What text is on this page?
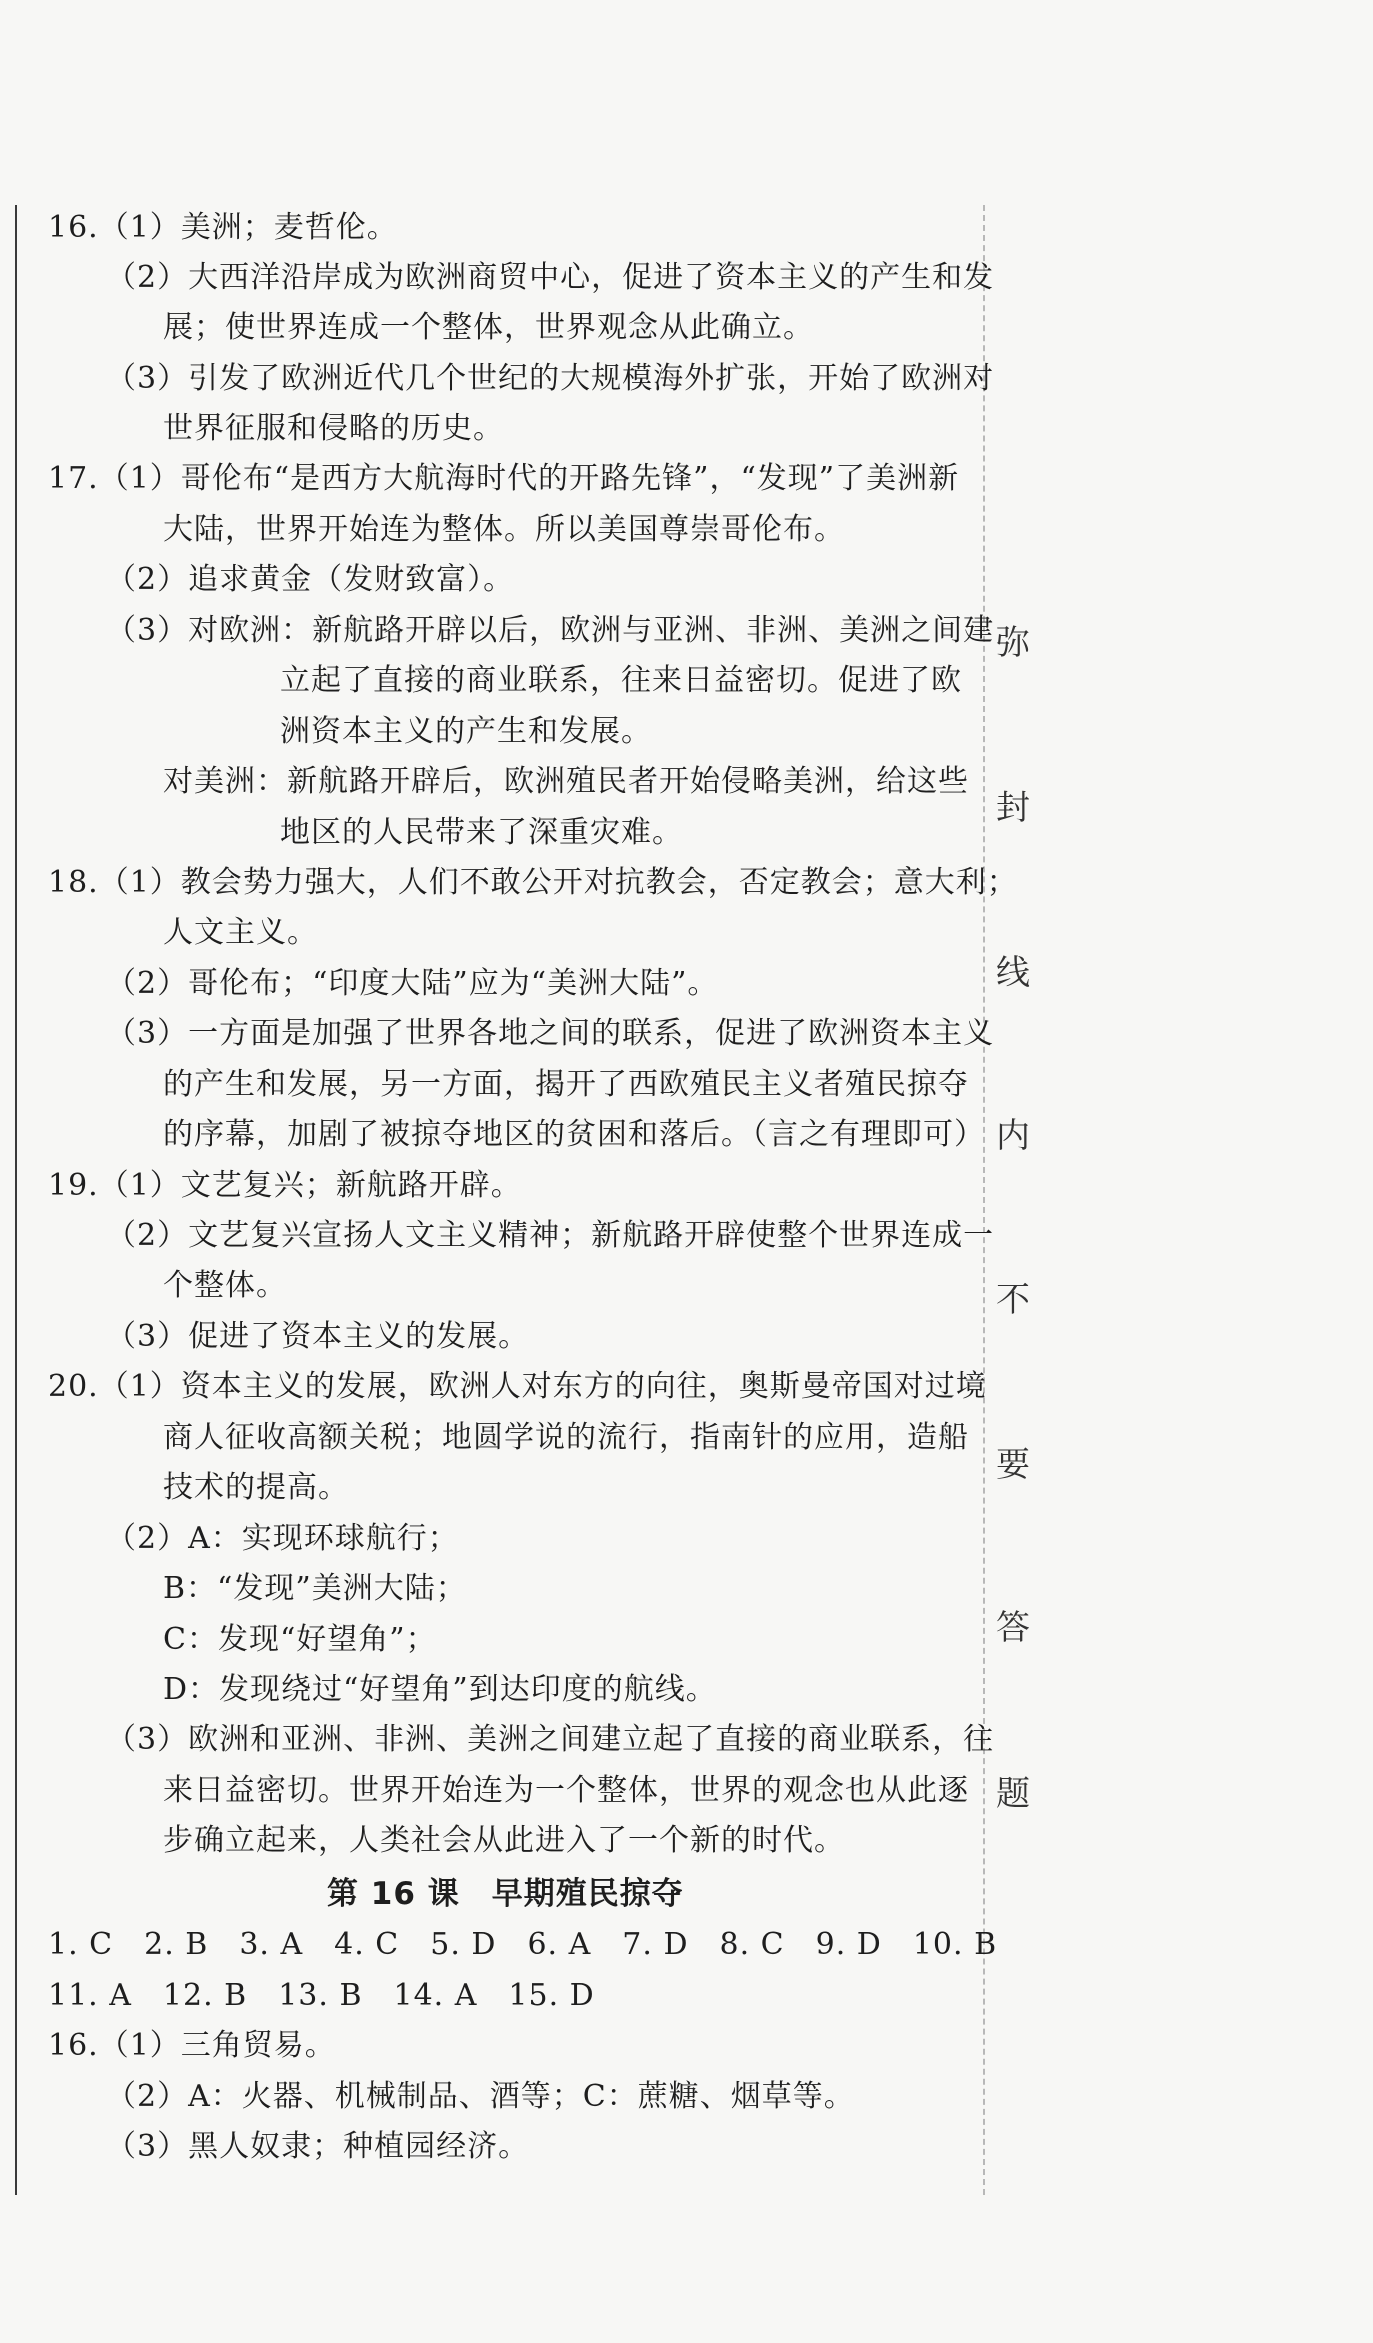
弥
封
线
内
不
要
答
题
16.（1）美洲；麦哲伦。
（2）大西洋沿岸成为欧洲商贸中心，促进了资本主义的产生和发
展；使世界连成一个整体，世界观念从此确立。
（3）引发了欧洲近代几个世纪的大规模海外扩张，开始了欧洲对
世界征服和侵略的历史。
17.（1）哥伦布“是西方大航海时代的开路先锋”，“发现”了美洲新
大陆，世界开始连为整体。所以美国尊崇哥伦布。
（2）追求黄金（发财致富）。
（3）对欧洲：新航路开辟以后，欧洲与亚洲、非洲、美洲之间建
立起了直接的商业联系，往来日益密切。促进了欧
洲资本主义的产生和发展。
对美洲：新航路开辟后，欧洲殖民者开始侵略美洲，给这些
地区的人民带来了深重灾难。
18.（1）教会势力强大，人们不敢公开对抗教会，否定教会；意大利；
人文主义。
（2）哥伦布；“印度大陆”应为“美洲大陆”。
（3）一方面是加强了世界各地之间的联系，促进了欧洲资本主义
的产生和发展，另一方面，揭开了西欧殖民主义者殖民掠夺
的序幕，加剧了被掠夺地区的贫困和落后。（言之有理即可）
19.（1）文艺复兴；新航路开辟。
（2）文艺复兴宣扬人文主义精神；新航路开辟使整个世界连成一
个整体。
（3）促进了资本主义的发展。
20.（1）资本主义的发展，欧洲人对东方的向往，奥斯曼帝国对过境
商人征收高额关税；地圆学说的流行，指南针的应用，造船
技术的提高。
（2）A：实现环球航行；
B：“发现”美洲大陆；
C：发现“好望角”；
D：发现绕过“好望角”到达印度的航线。
（3）欧洲和亚洲、非洲、美洲之间建立起了直接的商业联系，往
来日益密切。世界开始连为一个整体，世界的观念也从此逐
步确立起来，人类社会从此进入了一个新的时代。
第 16 课　早期殖民掠夺
1. C　2. B　3. A　4. C　5. D　6. A　7. D　8. C　9. D　10. B
11. A　12. B　13. B　14. A　15. D
16.（1）三角贸易。
（2）A：火器、机械制品、酒等；C：蔗糖、烟草等。
（3）黑人奴隶；种植园经济。
